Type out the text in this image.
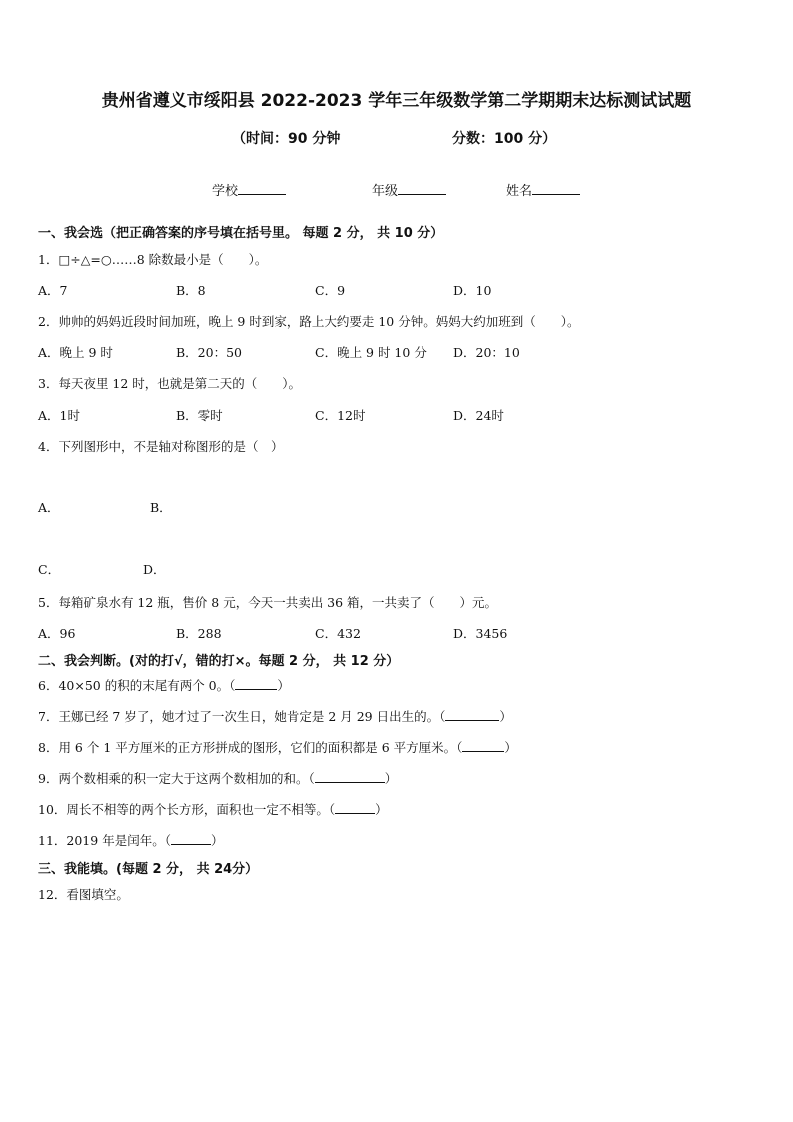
贵州省遵义市绥阳县 2022-2023 学年三年级数学第二学期期末达标测试试题
（时间：90 分钟	分数：100 分）
学校	年级	姓名
一、我会选（把正确答案的序号填在括号里。 每题 2 分， 共 10 分）
1．□÷△=○……8 除数最小是（　　）。
A．7	B．8	C．9	D．10
2．帅帅的妈妈近段时间加班，晚上 9 时到家，路上大约要走 10 分钟。妈妈大约加班到（　　）。
A．晚上 9 时	B．20：50	C．晚上 9 时 10 分 D．20：10
3．每天夜里 12 时，也就是第二天的（　　）。
A．1时	B．零时	C．12时	D．24时
4．下列图形中，不是轴对称图形的是（　）
A．	B．
C．	D．
5．每箱矿泉水有 12 瓶，售价 8 元，今天一共卖出 36 箱，一共卖了（　　）元。
A．96	B．288	C．432	D．3456
二、我会判断。(对的打√，错的打×。每题 2 分， 共 12 分）
6．40×50 的积的末尾有两个 0。（	）
7．王娜已经 7 岁了，她才过了一次生日，她肯定是 2 月 29 日出生的。（	）
8．用 6 个 1 平方厘米的正方形拼成的图形，它们的面积都是 6 平方厘米。（	）
9．两个数相乘的积一定大于这两个数相加的和。（	）
10．周长不相等的两个长方形，面积也一定不相等。（	）
11．2019 年是闰年。（	）
三、我能填。(每题 2 分， 共 24分）
12．看图填空。
